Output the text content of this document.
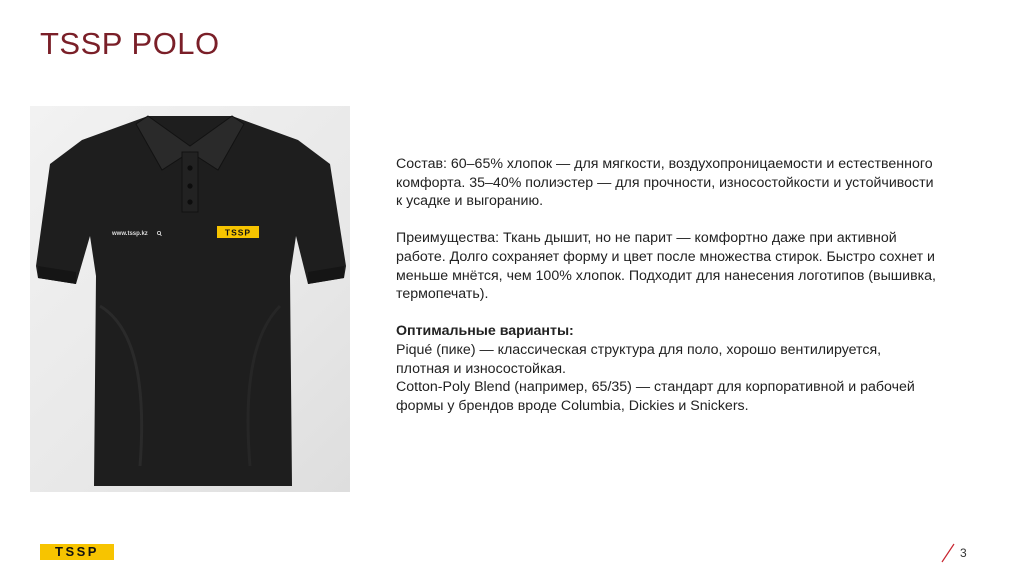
TSSP POLO
www.tssp.kz	TSSP

Состав: 60–65% хлопок — для мягкости, воздухопроницаемости и естественного комфорта. 35–40% полиэстер — для прочности, износостойкости и устойчивости к усадке и выгоранию.

Преимущества: Ткань дышит, но не парит — комфортно даже при активной работе. Долго сохраняет форму и цвет после множества стирок. Быстро сохнет и меньше мнётся, чем 100% хлопок. Подходит для нанесения логотипов (вышивка, термопечать).

Оптимальные варианты:
Piqué (пике) — классическая структура для поло, хорошо вентилируется, плотная и износостойкая.
Cotton-Poly Blend (например, 65/35) — стандарт для корпоративной и рабочей формы у брендов вроде Columbia, Dickies и Snickers.
TSSP	3
